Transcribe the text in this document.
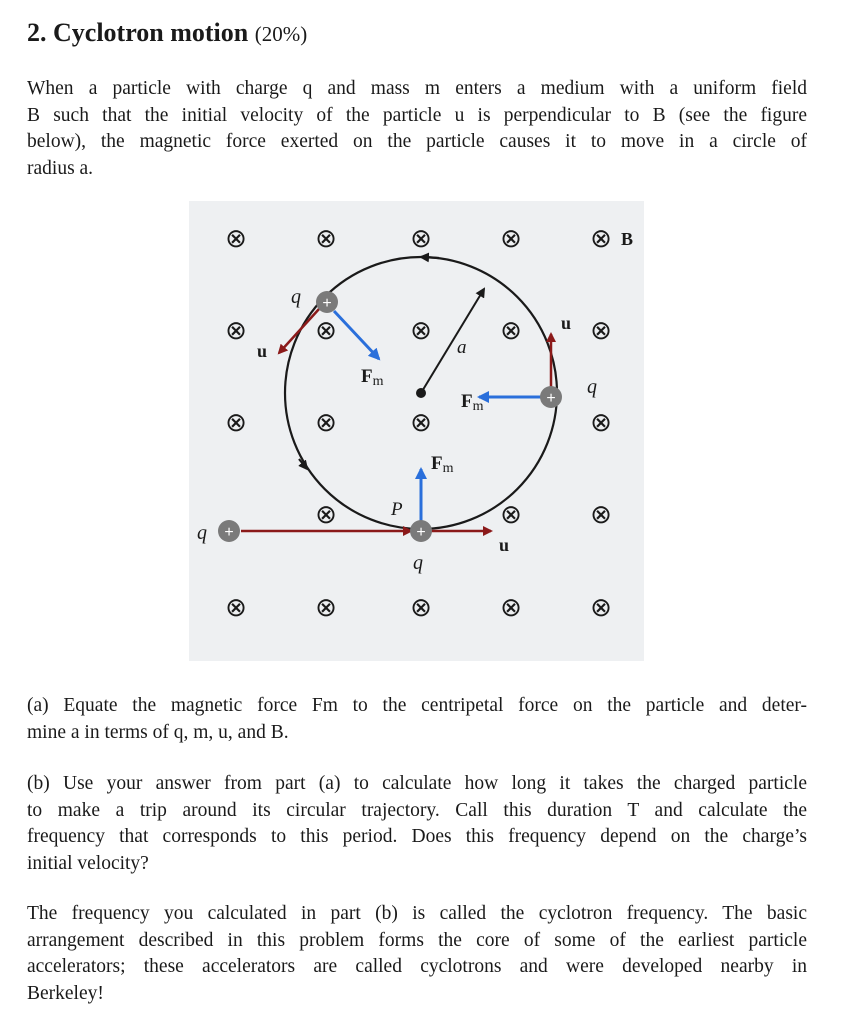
2. Cyclotron motion (20%)
When a particle with charge q and mass m enters a medium with a uniform field
B such that the initial velocity of the particle u is perpendicular to B (see the figure
below), the magnetic force exerted on the particle causes it to move in a circle of
radius a.
⊗	⊗	⊗	⊗	⊗
⊗	⊗	⊗	⊗	⊗
⊗	⊗	⊗	⊗
⊗	⊗	⊗
⊗	⊗	⊗	⊗	⊗
B
a
+
q	+
P
q
u
Fm
+
q
u
Fm
+
q
u
Fm
(a) Equate the magnetic force Fm to the centripetal force on the particle and deter-
mine a in terms of q, m, u, and B.
(b) Use your answer from part (a) to calculate how long it takes the charged particle
to make a trip around its circular trajectory. Call this duration T and calculate the
frequency that corresponds to this period. Does this frequency depend on the charge’s
initial velocity?
The frequency you calculated in part (b) is called the cyclotron frequency. The basic
arrangement described in this problem forms the core of some of the earliest particle
accelerators; these accelerators are called cyclotrons and were developed nearby in
Berkeley!
